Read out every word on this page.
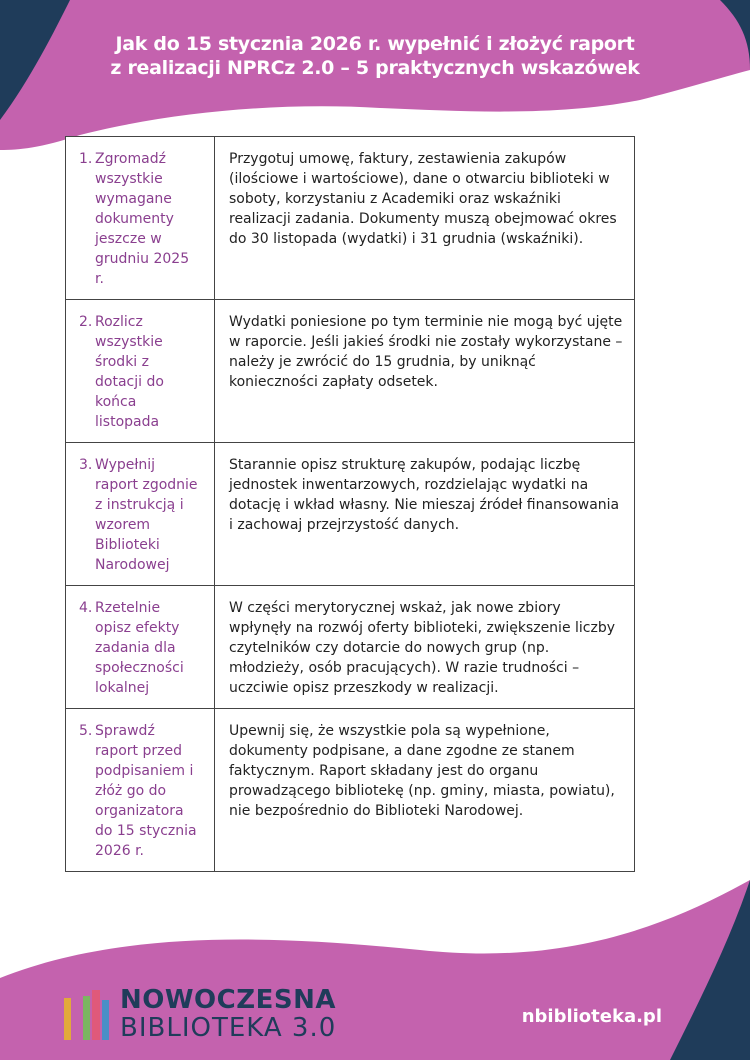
Jak do 15 stycznia 2026 r. wypełnić i złożyć raport
z realizacji NPRCz 2.0 – 5 praktycznych wskazówek
1. Zgromadź wszystkie wymagane dokumenty jeszcze w grudniu 2025 r.	Przygotuj umowę, faktury, zestawienia zakupów (ilościowe i wartościowe), dane o otwarciu biblioteki w soboty, korzystaniu z Academiki oraz wskaźniki realizacji zadania. Dokumenty muszą obejmować okres do 30 listopada (wydatki) i 31 grudnia (wskaźniki).

2. Rozlicz wszystkie środki z dotacji do końca listopada	Wydatki poniesione po tym terminie nie mogą być ujęte w raporcie. Jeśli jakieś środki nie zostały wykorzystane – należy je zwrócić do 15 grudnia, by uniknąć konieczności zapłaty odsetek.

3. Wypełnij raport zgodnie z instrukcją i wzorem Biblioteki Narodowej	Starannie opisz strukturę zakupów, podając liczbę jednostek inwentarzowych, rozdzielając wydatki na dotację i wkład własny. Nie mieszaj źródeł finansowania i zachowaj przejrzystość danych.

4. Rzetelnie opisz efekty zadania dla społeczności lokalnej	W części merytorycznej wskaż, jak nowe zbiory wpłynęły na rozwój oferty biblioteki, zwiększenie liczby czytelników czy dotarcie do nowych grup (np. młodzieży, osób pracujących). W razie trudności – uczciwie opisz przeszkody w realizacji.

5. Sprawdź raport przed podpisaniem i złóż go do organizatora do 15 stycznia 2026 r.	Upewnij się, że wszystkie pola są wypełnione, dokumenty podpisane, a dane zgodne ze stanem faktycznym. Raport składany jest do organu prowadzącego bibliotekę (np. gminy, miasta, powiatu), nie bezpośrednio do Biblioteki Narodowej.
NOWOCZESNA
BIBLIOTEKA 3.0	nbiblioteka.pl
